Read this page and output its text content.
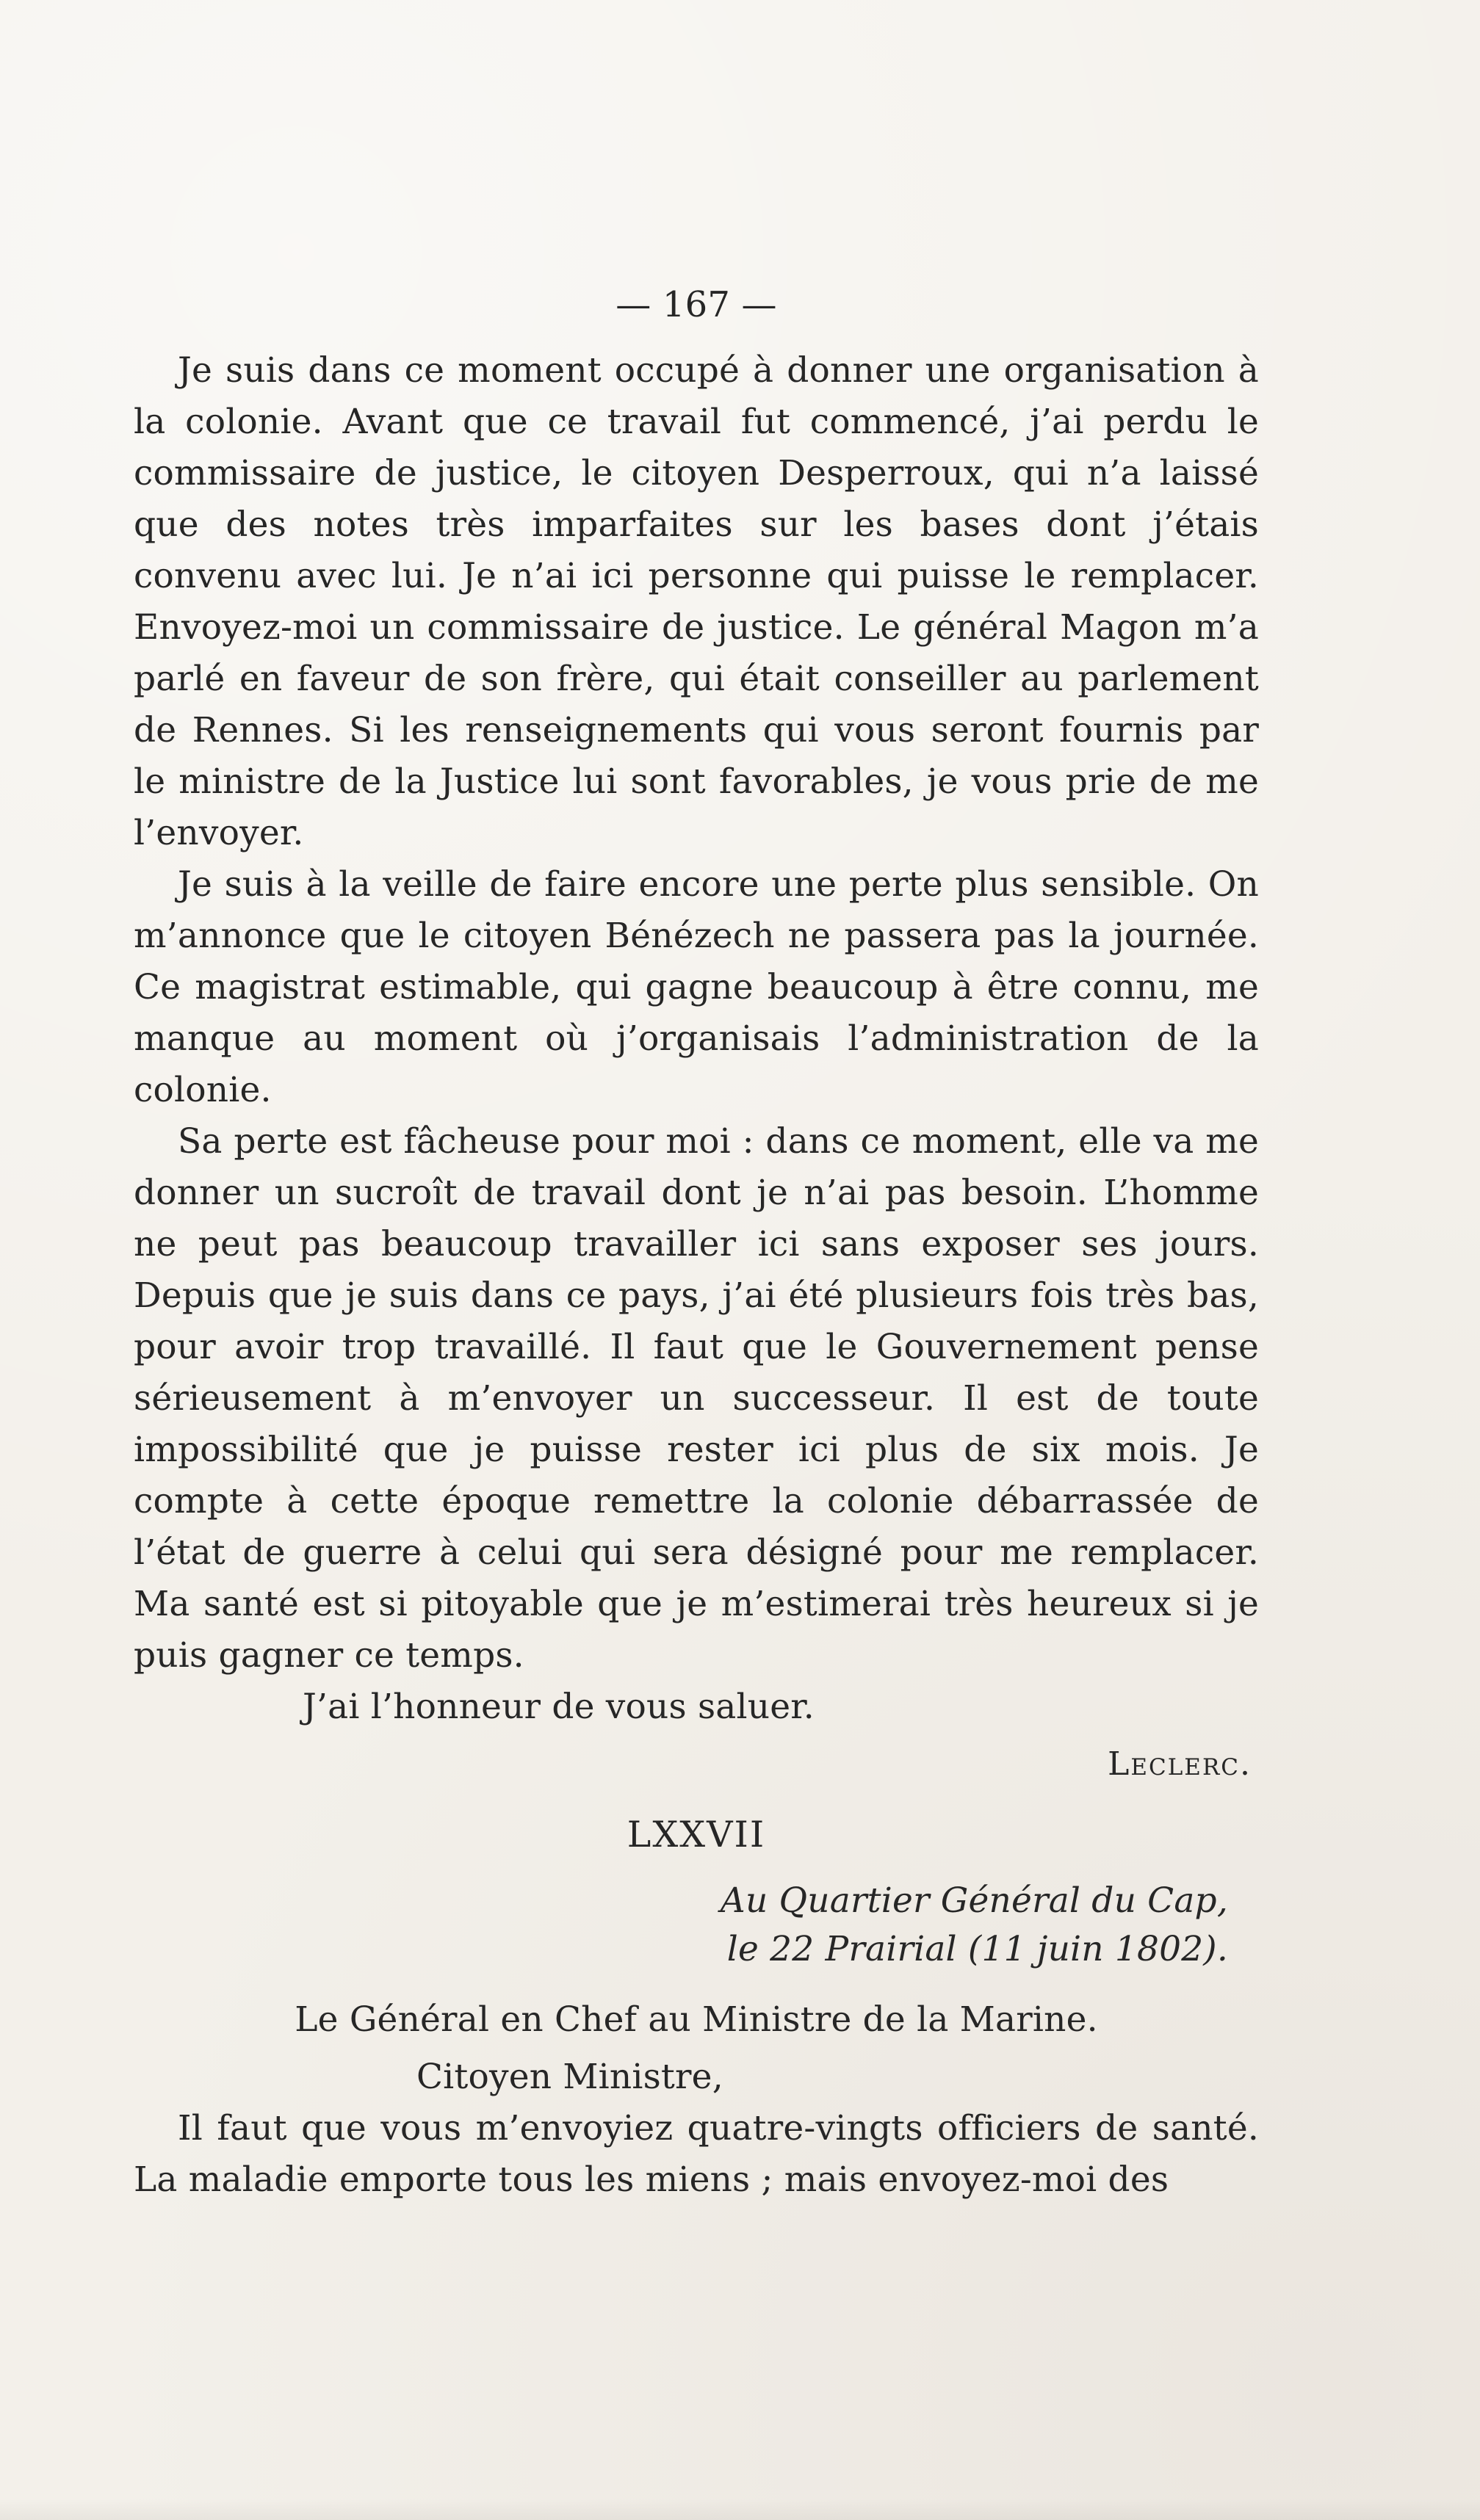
— 167 —

Je suis dans ce moment occupé à donner une organisation à la colonie. Avant que ce travail fut commencé, j’ai perdu le commissaire de justice, le citoyen Desperroux, qui n’a laissé que des notes très imparfaites sur les bases dont j’étais convenu avec lui. Je n’ai ici personne qui puisse le remplacer. Envoyez-moi un commissaire de justice. Le général Magon m’a parlé en faveur de son frère, qui était conseiller au parlement de Rennes. Si les renseignements qui vous seront fournis par le ministre de la Justice lui sont favorables, je vous prie de me l’envoyer.

Je suis à la veille de faire encore une perte plus sensible. On m’annonce que le citoyen Bénézech ne passera pas la journée. Ce magistrat estimable, qui gagne beaucoup à être connu, me manque au moment où j’organisais l’administration de la colonie.

Sa perte est fâcheuse pour moi : dans ce moment, elle va me donner un sucroît de travail dont je n’ai pas besoin. L’homme ne peut pas beaucoup travailler ici sans exposer ses jours. Depuis que je suis dans ce pays, j’ai été plusieurs fois très bas, pour avoir trop travaillé. Il faut que le Gouvernement pense sérieusement à m’envoyer un successeur. Il est de toute impossibilité que je puisse rester ici plus de six mois. Je compte à cette époque remettre la colonie débarrassée de l’état de guerre à celui qui sera désigné pour me remplacer. Ma santé est si pitoyable que je m’estimerai très heureux si je puis gagner ce temps.

J’ai l’honneur de vous saluer.

Leclerc.
LXXVII
Au Quartier Général du Cap,
le 22 Prairial (11 juin 1802).
Le Général en Chef au Ministre de la Marine.

Citoyen Ministre,

Il faut que vous m’envoyiez quatre-vingts officiers de santé. La maladie emporte tous les miens ; mais envoyez-moi des
